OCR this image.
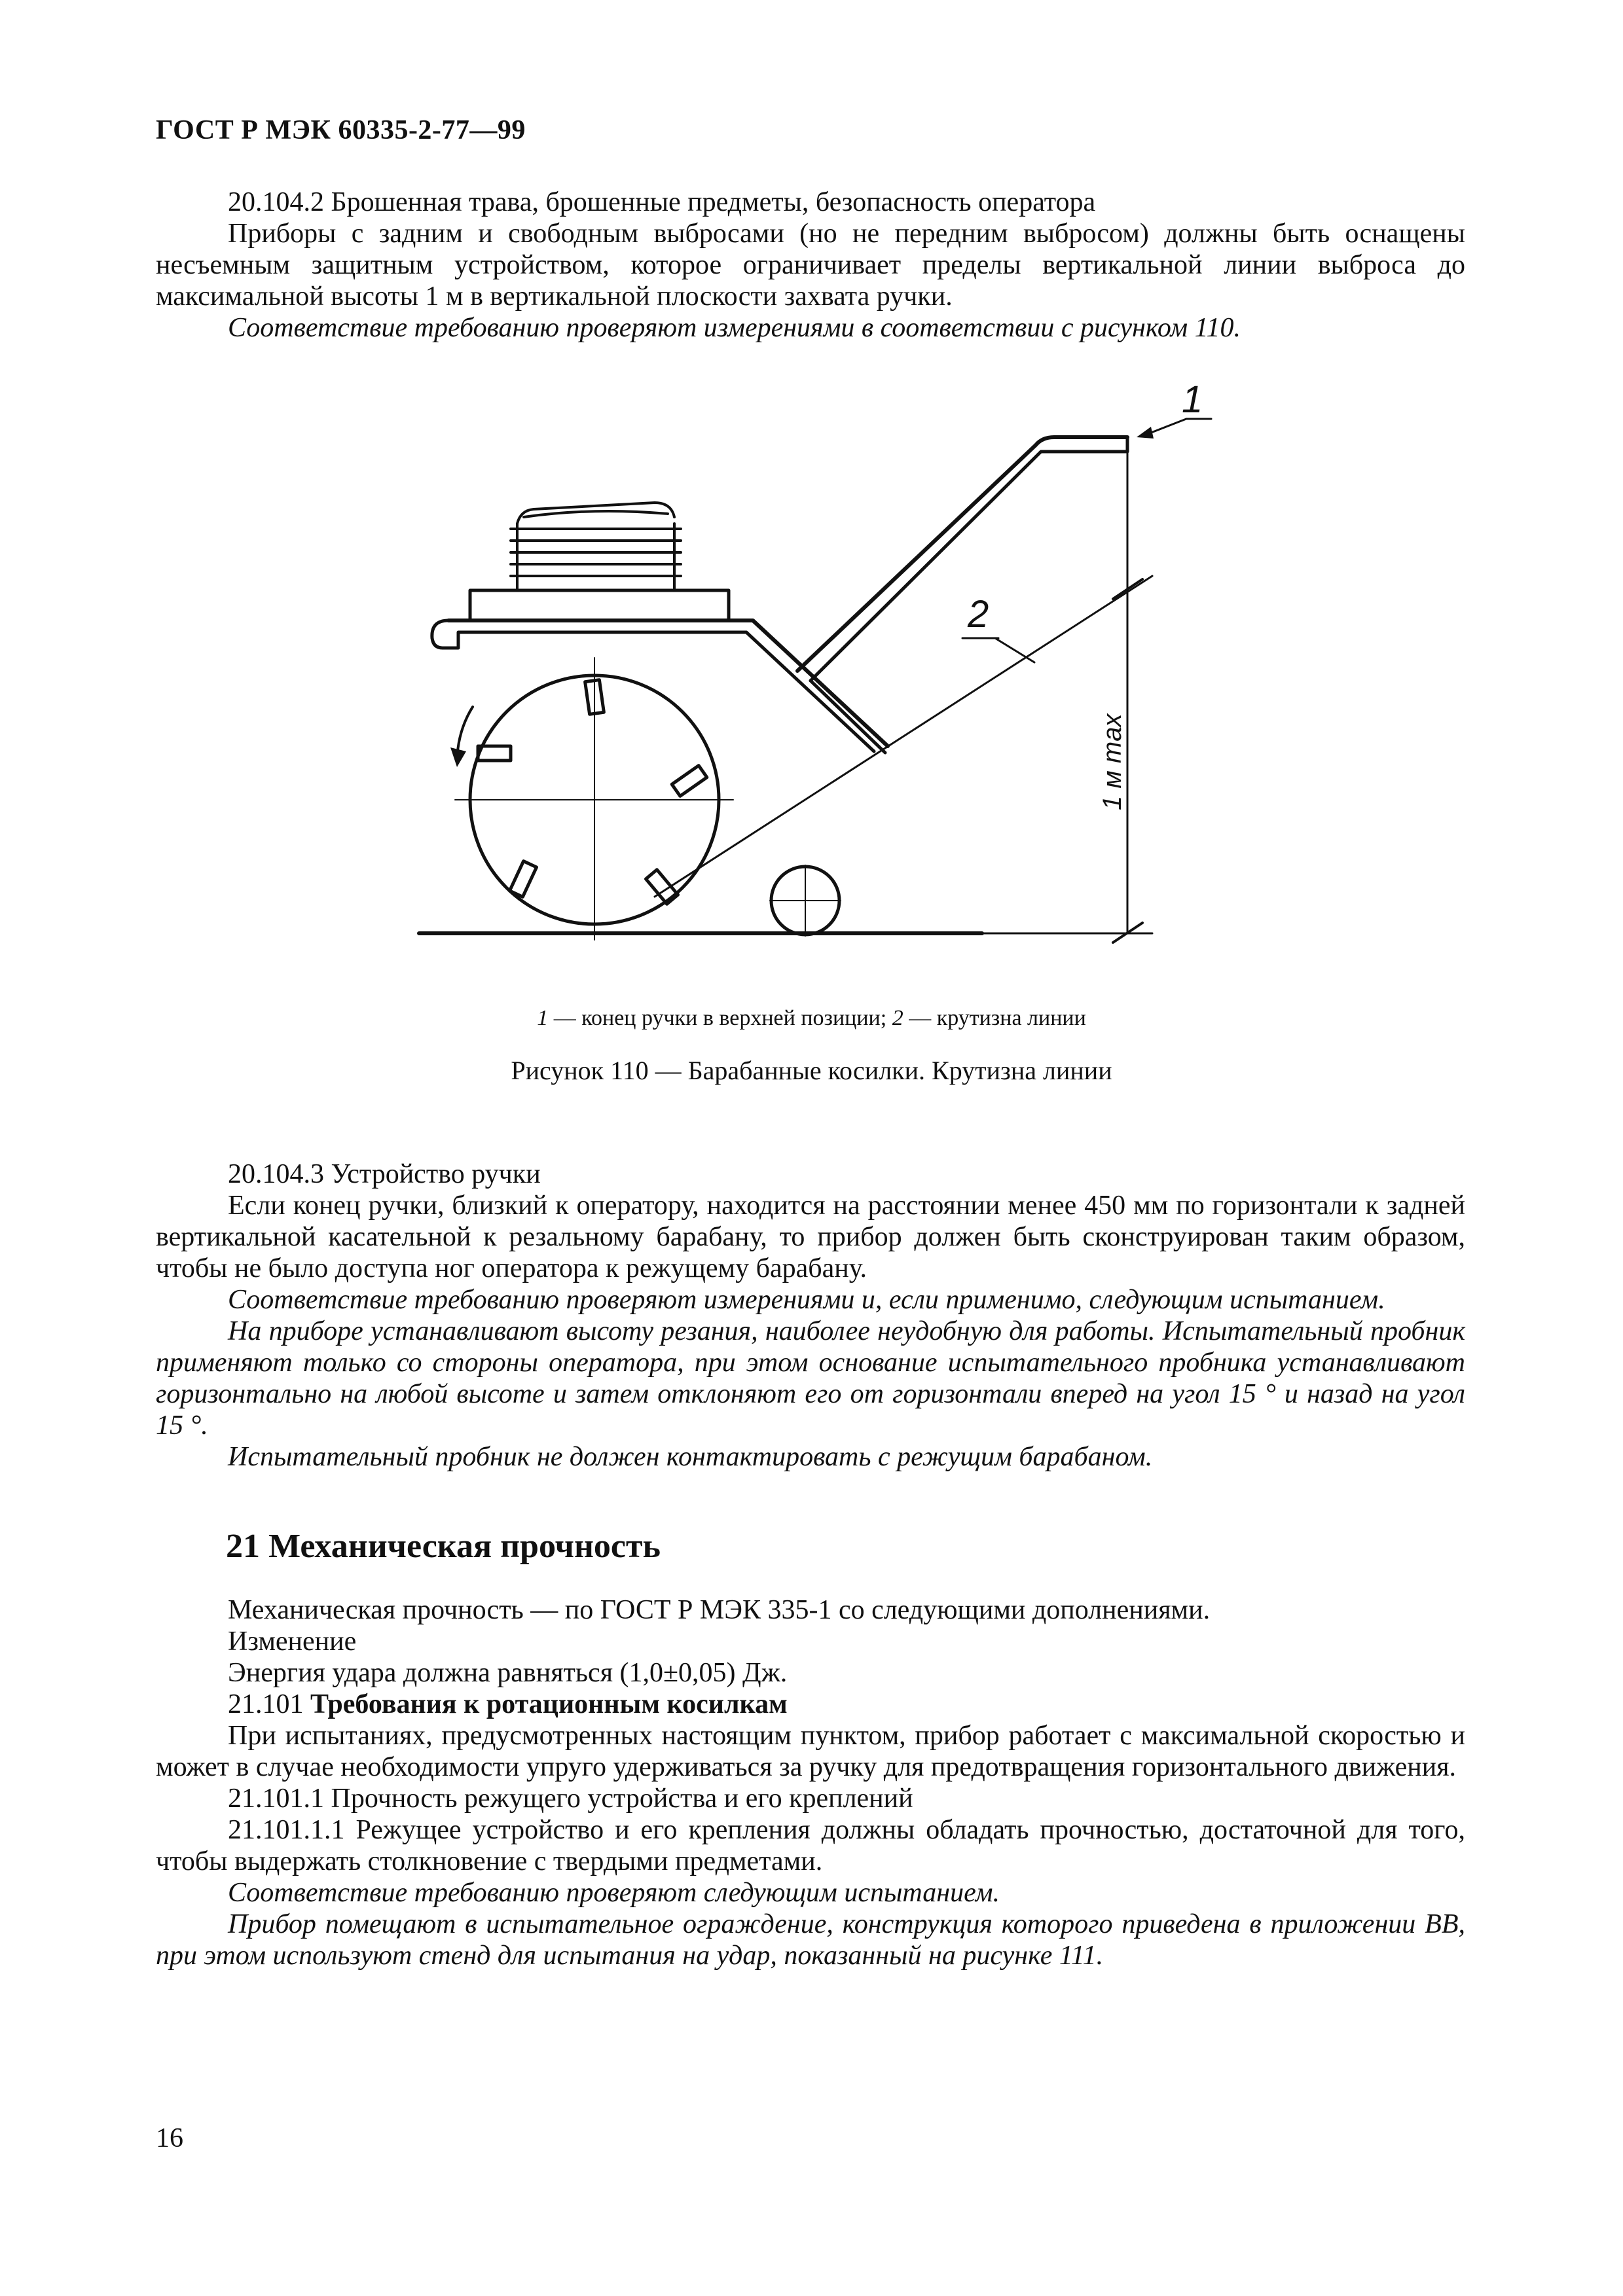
ГОСТ Р МЭК 60335-2-77—99

20.104.2 Брошенная трава, брошенные предметы, безопасность оператора

Приборы с задним и свободным выбросами (но не передним выбросом) должны быть оснащены несъемным защитным устройством, которое ограничивает пределы вертикальной линии выброса до максимальной высоты 1 м в вертикальной плоскости захвата ручки.

Соответствие требованию проверяют измерениями в соответствии с рисунком 110.

1
2
1 м max
1 — конец ручки в верхней позиции; 2 — крутизна линии
Рисунок 110 — Барабанные косилки. Крутизна линии

20.104.3 Устройство ручки

Если конец ручки, близкий к оператору, находится на расстоянии менее 450 мм по горизонтали к задней вертикальной касательной к резальному барабану, то прибор должен быть сконструирован таким образом, чтобы не было доступа ног оператора к режущему барабану.

Соответствие требованию проверяют измерениями и, если применимо, следующим испытанием.

На приборе устанавливают высоту резания, наиболее неудобную для работы. Испытательный пробник применяют только со стороны оператора, при этом основание испытательного пробника устанавливают горизонтально на любой высоте и затем отклоняют его от горизонтали вперед на угол 15 ° и назад на угол 15 °.

Испытательный пробник не должен контактировать с режущим барабаном.

21 Механическая прочность

Механическая прочность — по ГОСТ Р МЭК 335-1 со следующими дополнениями.

Изменение

Энергия удара должна равняться (1,0±0,05) Дж.

21.101 Требования к ротационным косилкам

При испытаниях, предусмотренных настоящим пунктом, прибор работает с максимальной скоростью и может в случае необходимости упруго удерживаться за ручку для предотвращения горизонтального движения.

21.101.1 Прочность режущего устройства и его креплений

21.101.1.1 Режущее устройство и его крепления должны обладать прочностью, достаточной для того, чтобы выдержать столкновение с твердыми предметами.

Соответствие требованию проверяют следующим испытанием.

Прибор помещают в испытательное ограждение, конструкция которого приведена в приложении ВВ, при этом используют стенд для испытания на удар, показанный на рисунке 111.

16
